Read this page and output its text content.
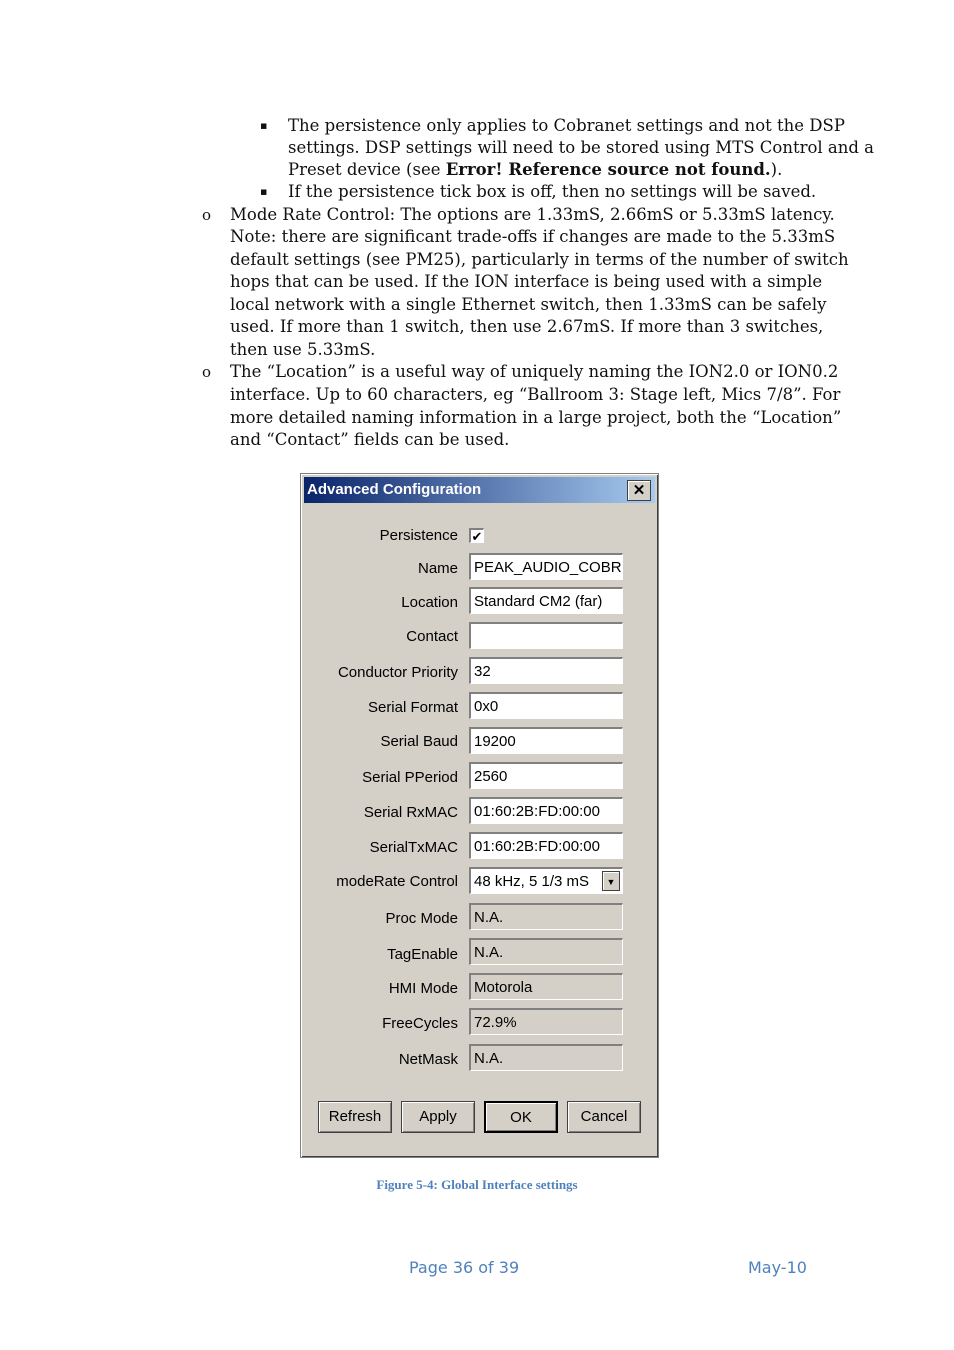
▪ The persistence only applies to Cobranet settings and not the DSP
settings. DSP settings will need to be stored using MTS Control and a
Preset device (see Error! Reference source not found.).
▪ If the persistence tick box is off, then no settings will be saved.
o Mode Rate Control: The options are 1.33mS, 2.66mS or 5.33mS latency.
Note: there are significant trade-offs if changes are made to the 5.33mS
default settings (see PM25), particularly in terms of the number of switch
hops that can be used. If the ION interface is being used with a simple
local network with a single Ethernet switch, then 1.33mS can be safely
used. If more than 1 switch, then use 2.67mS. If more than 3 switches,
then use 5.33mS.
o The “Location” is a useful way of uniquely naming the ION2.0 or ION0.2
interface. Up to 60 characters, eg “Ballroom 3: Stage left, Mics 7/8”. For
more detailed naming information in a large project, both the “Location”
and “Contact” fields can be used.
Advanced Configuration	✕
Persistence ✔
Name	PEAK_AUDIO_COBR
Location	Standard CM2 (far)
Contact
Conductor Priority	32
Serial Format	0x0
Serial Baud	19200
Serial PPeriod	2560
Serial RxMAC	01:60:2B:FD:00:00
SerialTxMAC	01:60:2B:FD:00:00
modeRate Control	48 kHz, 5 1/3 mS	▼
Proc Mode	N.A.
TagEnable	N.A.
HMI Mode	Motorola
FreeCycles	72.9%
NetMask	N.A.
Refresh	Apply	OK	Cancel
Figure 5-4: Global Interface settings
Page 36 of 39	May-10
